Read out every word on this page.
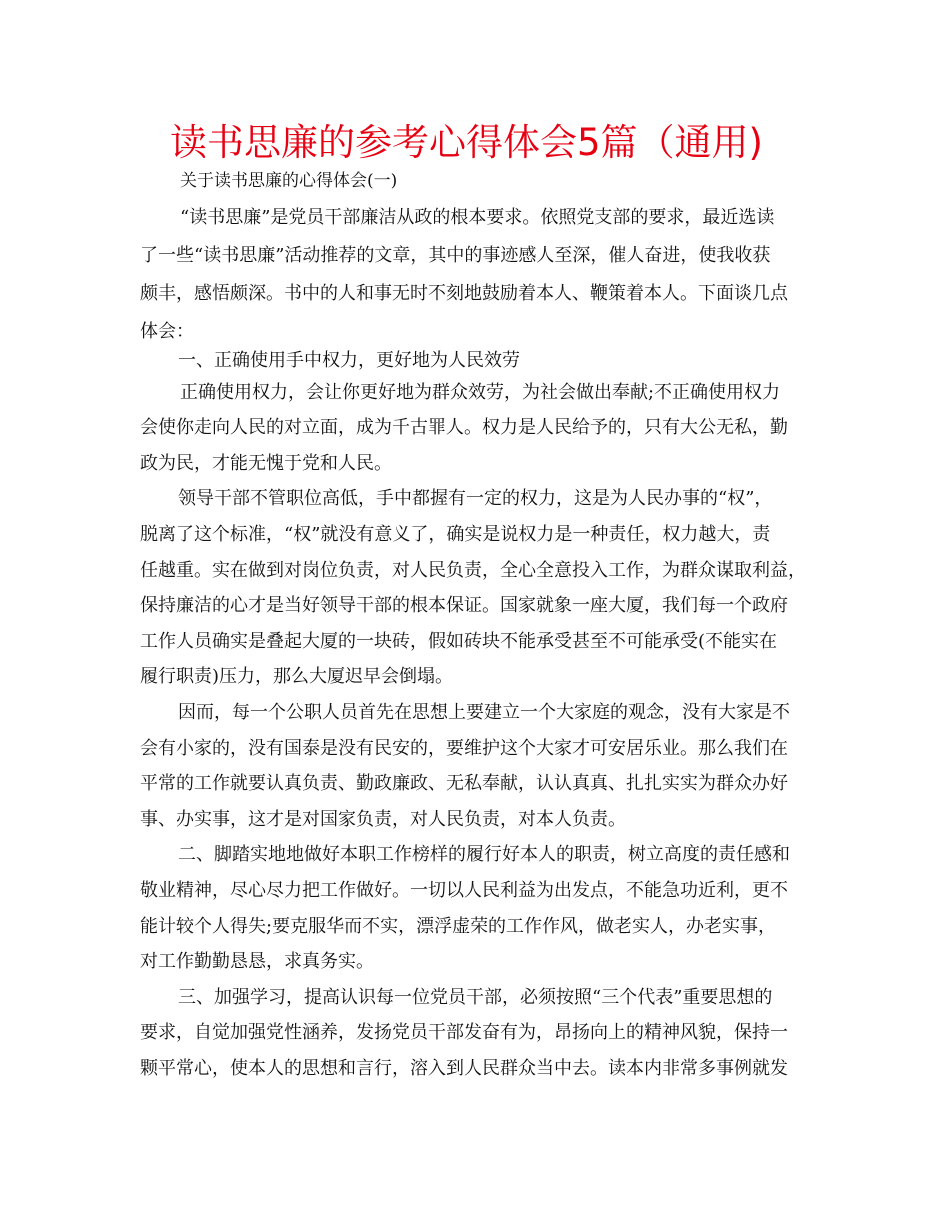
读书思廉的参考心得体会5篇（通用)

关于读书思廉的心得体会(一)

“读书思廉”是党员干部廉洁从政的根本要求。依照党支部的要求，最近选读

了一些“读书思廉”活动推荐的文章，其中的事迹感人至深，催人奋进，使我收获

颇丰，感悟颇深。书中的人和事无时不刻地鼓励着本人、鞭策着本人。下面谈几点

体会：

一、正确使用手中权力，更好地为人民效劳

正确使用权力，会让你更好地为群众效劳，为社会做出奉献;不正确使用权力

会使你走向人民的对立面，成为千古罪人。权力是人民给予的，只有大公无私，勤

政为民，才能无愧于党和人民。

领导干部不管职位高低，手中都握有一定的权力，这是为人民办事的“权”，

脱离了这个标准，“权”就没有意义了，确实是说权力是一种责任，权力越大，责

任越重。实在做到对岗位负责，对人民负责，全心全意投入工作，为群众谋取利益，

保持廉洁的心才是当好领导干部的根本保证。国家就象一座大厦，我们每一个政府

工作人员确实是叠起大厦的一块砖，假如砖块不能承受甚至不可能承受(不能实在

履行职责)压力，那么大厦迟早会倒塌。

因而，每一个公职人员首先在思想上要建立一个大家庭的观念，没有大家是不

会有小家的，没有国泰是没有民安的，要维护这个大家才可安居乐业。那么我们在

平常的工作就要认真负责、勤政廉政、无私奉献，认认真真、扎扎实实为群众办好

事、办实事，这才是对国家负责，对人民负责，对本人负责。

二、脚踏实地地做好本职工作榜样的履行好本人的职责，树立高度的责任感和

敬业精神，尽心尽力把工作做好。一切以人民利益为出发点，不能急功近利，更不

能计较个人得失;要克服华而不实，漂浮虚荣的工作作风，做老实人，办老实事，

对工作勤勤恳恳，求真务实。

三、加强学习，提高认识每一位党员干部，必须按照“三个代表”重要思想的

要求，自觉加强党性涵养，发扬党员干部发奋有为，昂扬向上的精神风貌，保持一

颗平常心，使本人的思想和言行，溶入到人民群众当中去。读本内非常多事例就发
